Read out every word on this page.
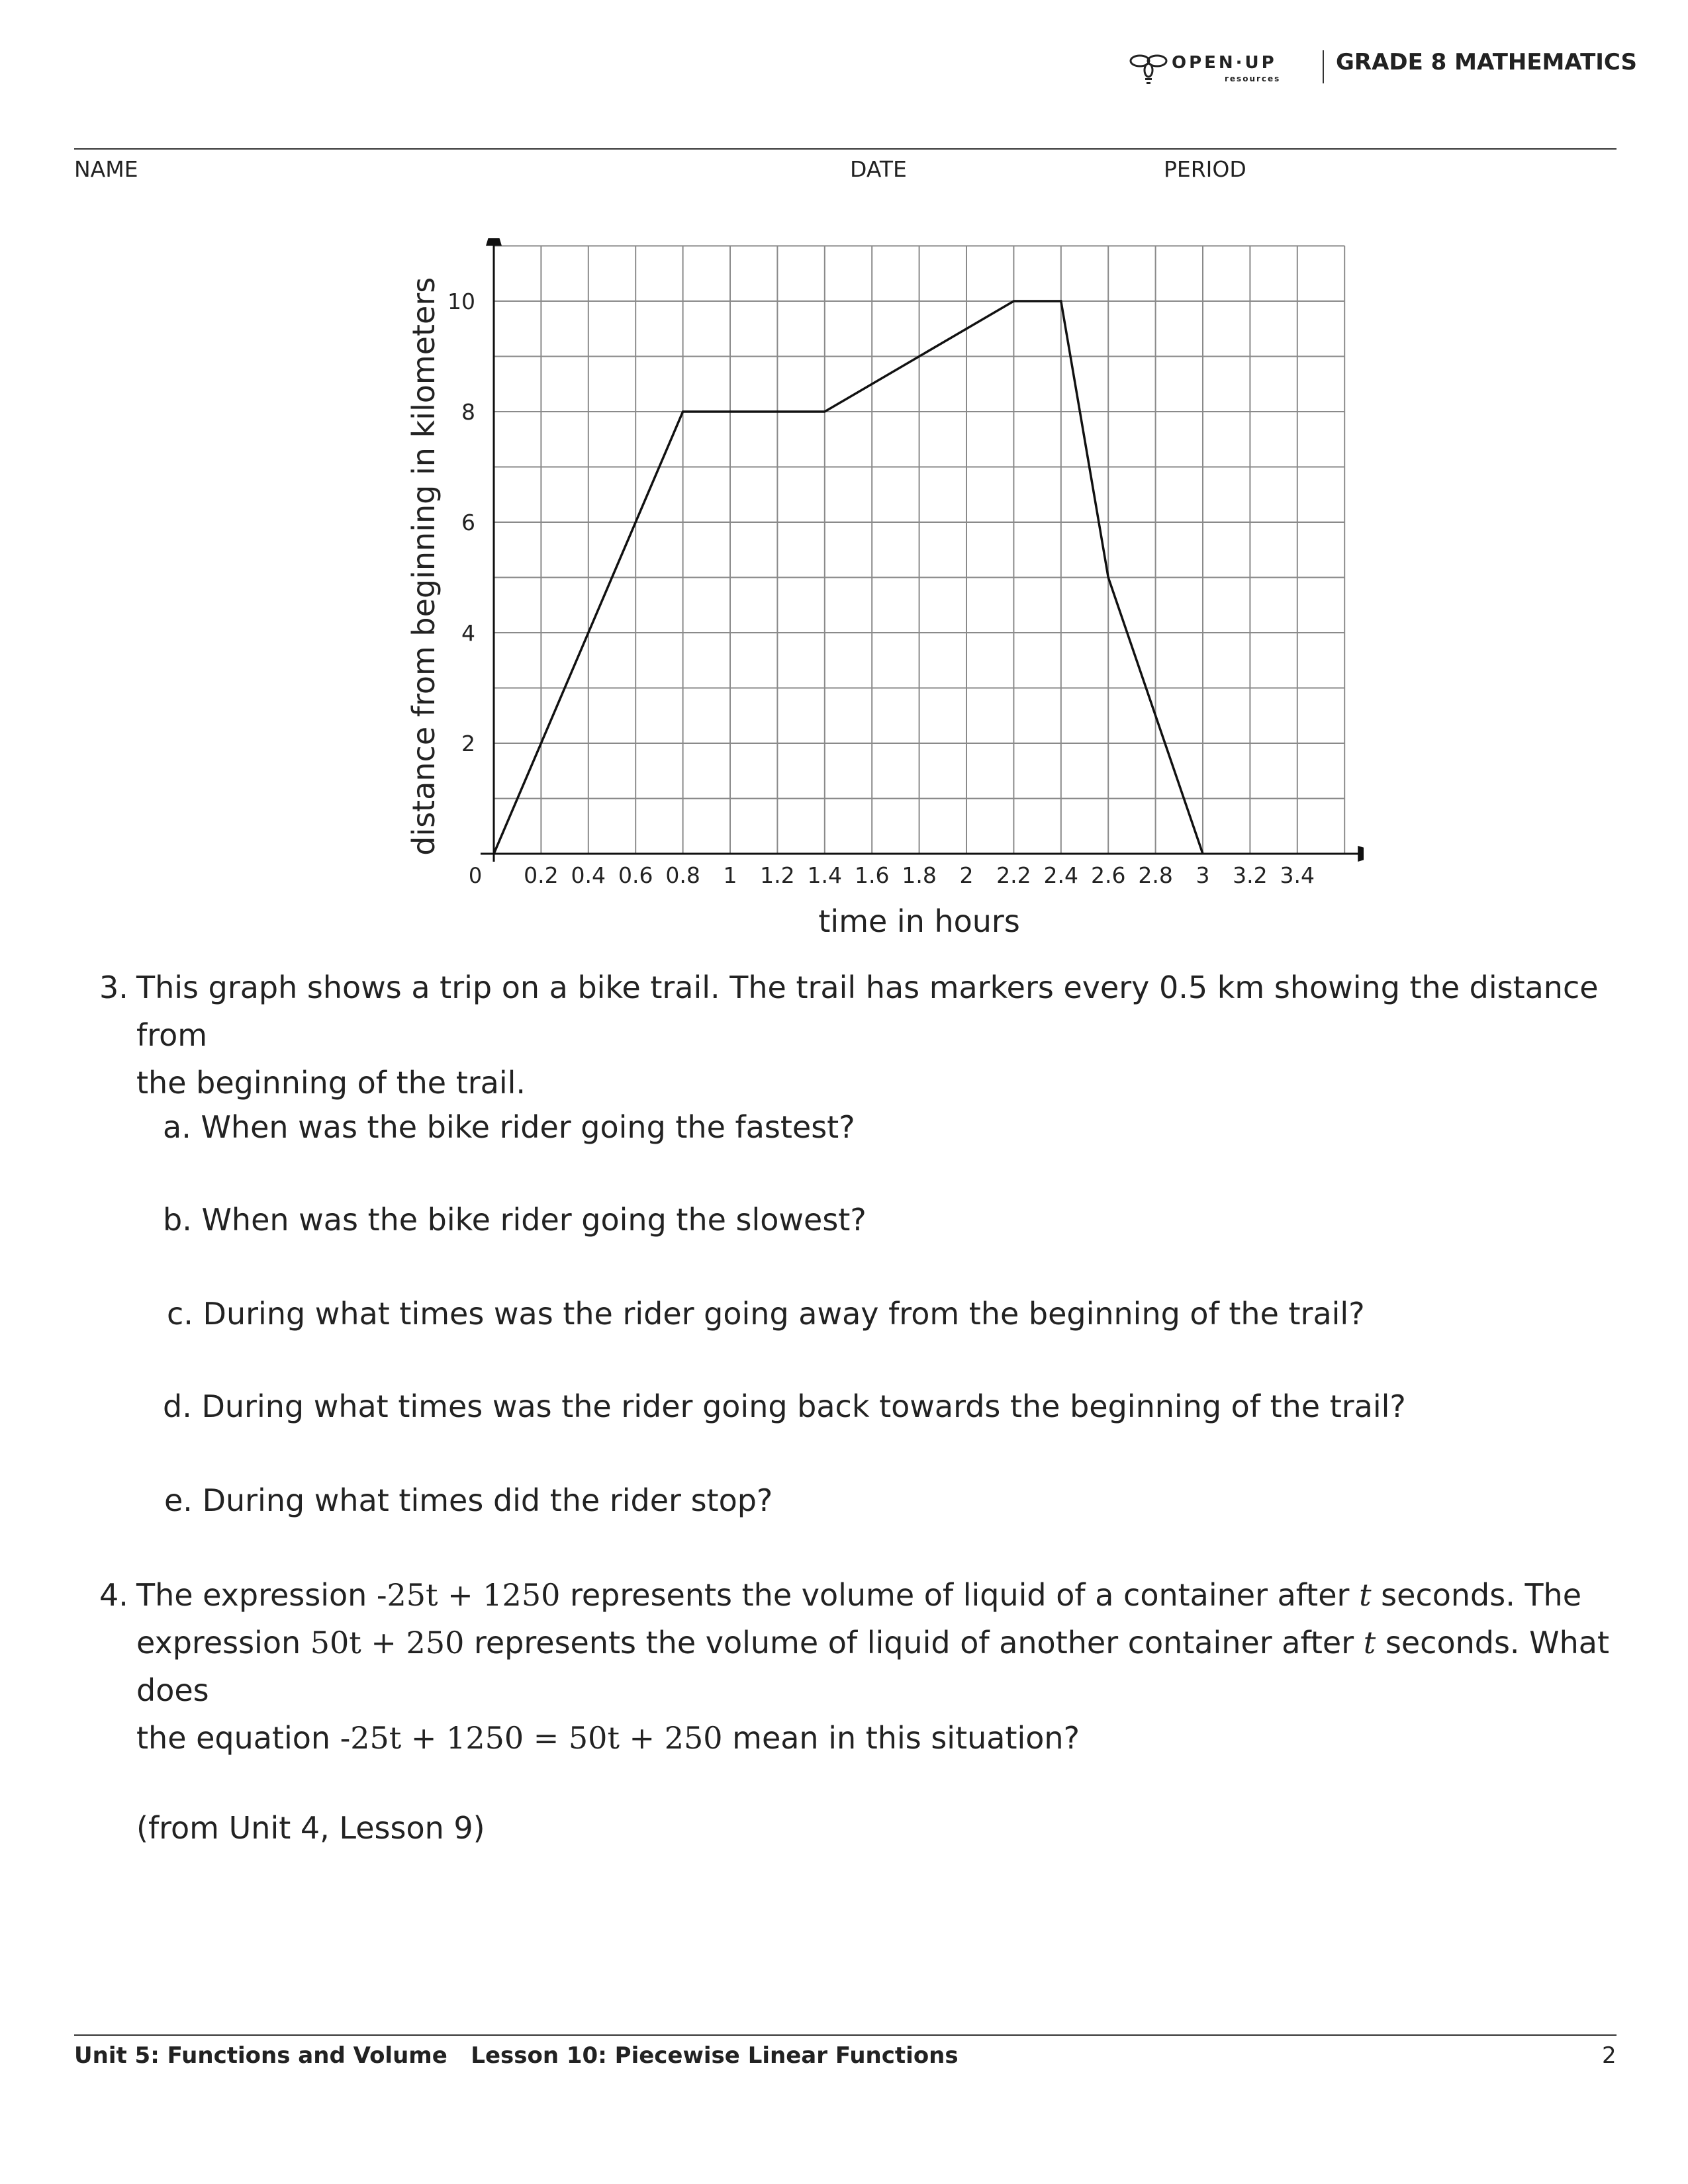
OPEN·UP
resources
GRADE 8 MATHEMATICS
NAME	DATE	PERIOD
0.2 0.4 0.6 0.8 1 1.2 1.4 1.6 1.8 2 2.2 2.4 2.6 2.8 3 3.2 3.4
2
4
6
8
10
time in hours
distance from beginning in kilometers
0
3. This graph shows a trip on a bike trail. The trail has markers every 0.5 km showing the distance from
the beginning of the trail.
a. When was the bike rider going the fastest?
b. When was the bike rider going the slowest?
c. During what times was the rider going away from the beginning of the trail?
d. During what times was the rider going back towards the beginning of the trail?
e. During what times did the rider stop?
4. The expression -25t + 1250 represents the volume of liquid of a container after t seconds. The
expression 50t + 250 represents the volume of liquid of another container after t seconds. What does
the equation -25t + 1250 = 50t + 250 mean in this situation?
(from Unit 4, Lesson 9)
Unit 5: Functions and Volume Lesson 10: Piecewise Linear Functions	2
